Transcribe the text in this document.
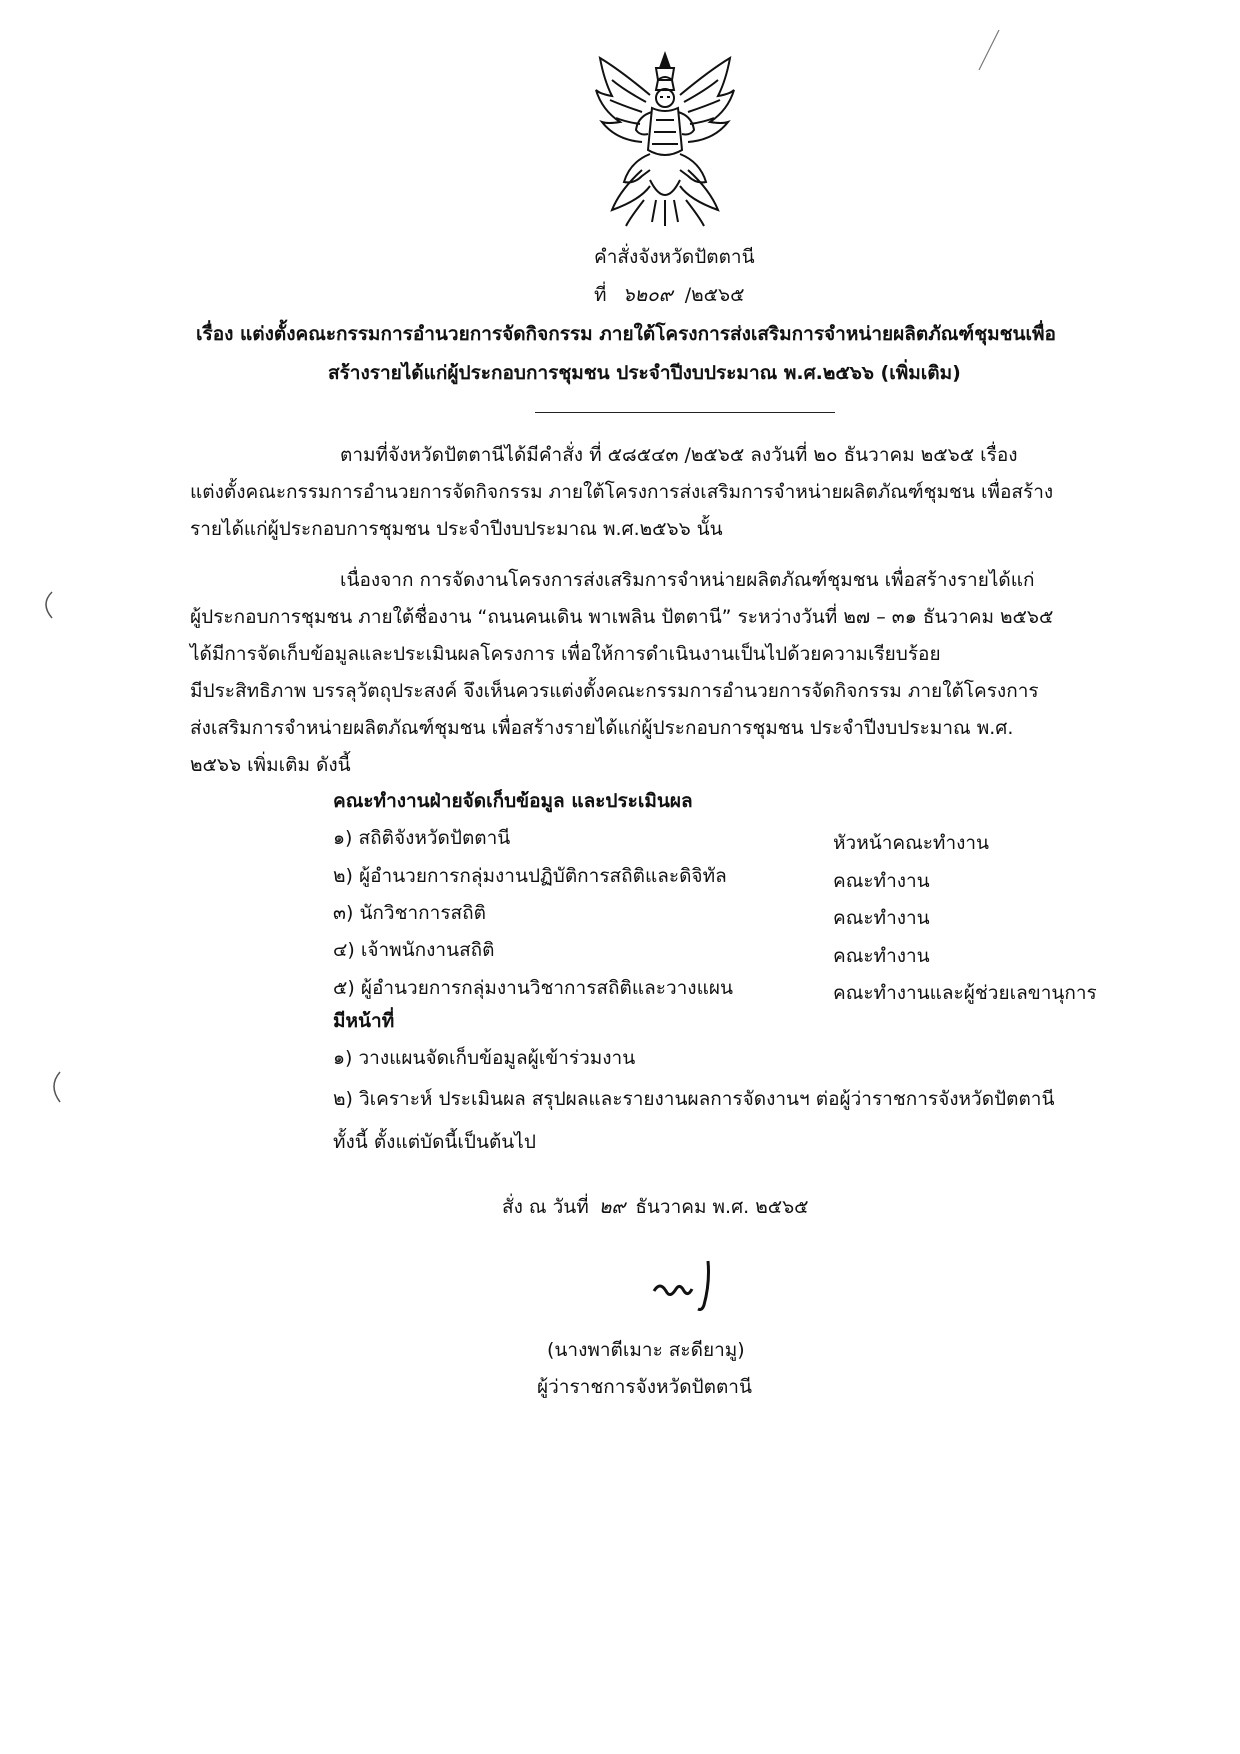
คำสั่งจังหวัดปัตตานี
ที่ ๖๒๐๙ /๒๕๖๕
เรื่อง แต่งตั้งคณะกรรมการอำนวยการจัดกิจกรรม ภายใต้โครงการส่งเสริมการจำหน่ายผลิตภัณฑ์ชุมชนเพื่อ
สร้างรายได้แก่ผู้ประกอบการชุมชน ประจำปีงบประมาณ พ.ศ.๒๕๖๖ (เพิ่มเติม)
ตามที่จังหวัดปัตตานีได้มีคำสั่ง ที่ ๕๘๕๔๓ /๒๕๖๕ ลงวันที่ ๒๐ ธันวาคม ๒๕๖๕ เรื่อง
แต่งตั้งคณะกรรมการอำนวยการจัดกิจกรรม ภายใต้โครงการส่งเสริมการจำหน่ายผลิตภัณฑ์ชุมชน เพื่อสร้าง
รายได้แก่ผู้ประกอบการชุมชน ประจำปีงบประมาณ พ.ศ.๒๕๖๖ นั้น
เนื่องจาก การจัดงานโครงการส่งเสริมการจำหน่ายผลิตภัณฑ์ชุมชน เพื่อสร้างรายได้แก่
ผู้ประกอบการชุมชน ภายใต้ชื่องาน “ถนนคนเดิน พาเพลิน ปัตตานี” ระหว่างวันที่ ๒๗ – ๓๑ ธันวาคม ๒๕๖๕
ได้มีการจัดเก็บข้อมูลและประเมินผลโครงการ เพื่อให้การดำเนินงานเป็นไปด้วยความเรียบร้อย
มีประสิทธิภาพ บรรลุวัตถุประสงค์ จึงเห็นควรแต่งตั้งคณะกรรมการอำนวยการจัดกิจกรรม ภายใต้โครงการ
ส่งเสริมการจำหน่ายผลิตภัณฑ์ชุมชน เพื่อสร้างรายได้แก่ผู้ประกอบการชุมชน ประจำปีงบประมาณ พ.ศ.
๒๕๖๖ เพิ่มเติม ดังนี้
คณะทำงานฝ่ายจัดเก็บข้อมูล และประเมินผล
๑) สถิติจังหวัดปัตตานี	หัวหน้าคณะทำงาน
๒) ผู้อำนวยการกลุ่มงานปฏิบัติการสถิติและดิจิทัล	คณะทำงาน
๓) นักวิชาการสถิติ	คณะทำงาน
๔) เจ้าพนักงานสถิติ	คณะทำงาน
๕) ผู้อำนวยการกลุ่มงานวิชาการสถิติและวางแผน	คณะทำงานและผู้ช่วยเลขานุการ
มีหน้าที่
๑) วางแผนจัดเก็บข้อมูลผู้เข้าร่วมงาน
๒) วิเคราะห์ ประเมินผล สรุปผลและรายงานผลการจัดงานฯ ต่อผู้ว่าราชการจังหวัดปัตตานี
ทั้งนี้ ตั้งแต่บัดนี้เป็นต้นไป
สั่ง ณ วันที่ ๒๙ ธันวาคม พ.ศ. ๒๕๖๕
(นางพาตีเมาะ สะดียามู)
ผู้ว่าราชการจังหวัดปัตตานี
